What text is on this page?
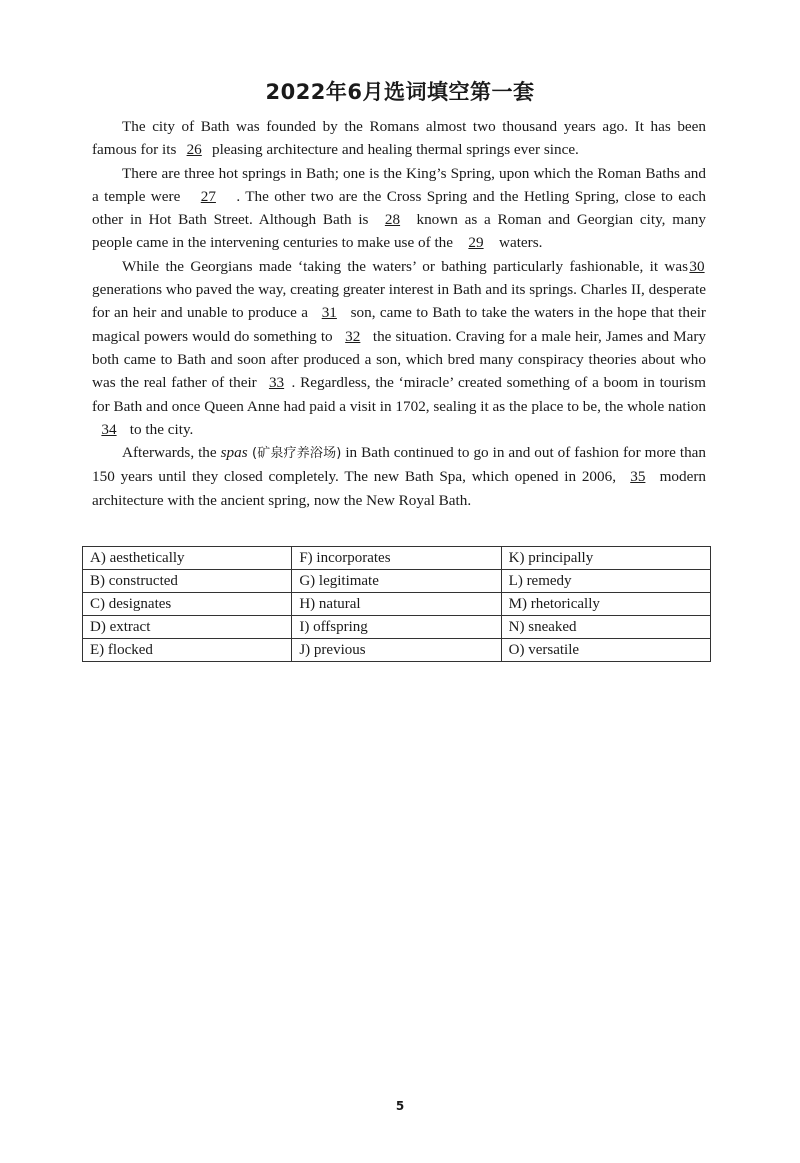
2022年6月选词填空第一套

The city of Bath was founded by the Romans almost two thousand years ago. It has been famous for its 26 pleasing architecture and healing thermal springs ever since.

There are three hot springs in Bath; one is the King’s Spring, upon which the Roman Baths and a temple were 27 . The other two are the Cross Spring and the Hetling Spring, close to each other in Hot Bath Street. Although Bath is 28 known as a Roman and Georgian city, many people came in the intervening centuries to make use of the 29 waters.

While the Georgians made ‘taking the waters’ or bathing particularly fashionable, it was30 generations who paved the way, creating greater interest in Bath and its springs. Charles II, desperate for an heir and unable to produce a 31 son, came to Bath to take the waters in the hope that their magical powers would do something to 32 the situation. Craving for a male heir, James and Mary both came to Bath and soon after produced a son, which bred many conspiracy theories about who was the real father of their 33 . Regardless, the ‘miracle’ created something of a boom in tourism for Bath and once Queen Anne had paid a visit in 1702, sealing it as the place to be, the whole nation 34 to the city.

Afterwards, the spas (矿泉疗养浴场) in Bath continued to go in and out of fashion for more than 150 years until they closed completely. The new Bath Spa, which opened in 2006, 35 modern architecture with the ancient spring, now the New Royal Bath.

A) aesthetically	F) incorporates	K) principally
B) constructed	G) legitimate	L) remedy
C) designates	H) natural	M) rhetorically
D) extract	I) offspring	N) sneaked
E) flocked	J) previous	O) versatile
5
